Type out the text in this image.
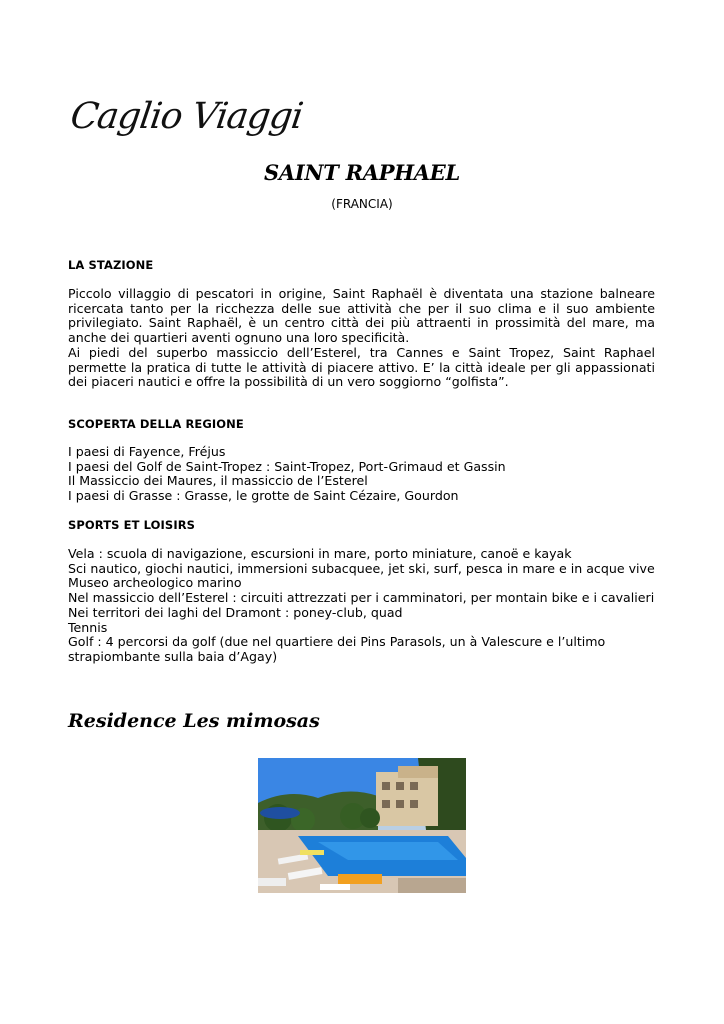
Caglio Viaggi
SAINT RAPHAEL
(FRANCIA)
LA STAZIONE

Piccolo villaggio di pescatori in origine, Saint Raphaël è diventata una stazione balneare ricercata tanto per la ricchezza delle sue attività che per il suo clima e il suo ambiente privilegiato. Saint Raphaël, è un centro città dei più attraenti in prossimità del mare, ma anche dei quartieri aventi ognuno una loro specificità.

Ai piedi del superbo massiccio dell’Esterel, tra Cannes e Saint Tropez, Saint Raphael permette la pratica di tutte le attività di piacere attivo. E’ la città ideale per gli appassionati dei piaceri nautici e offre la possibilità di un vero soggiorno “golfista”.

SCOPERTA DELLA REGIONE
I paesi di Fayence, Fréjus
I paesi del Golf de Saint-Tropez : Saint-Tropez, Port-Grimaud et Gassin
Il Massiccio dei Maures, il massiccio de l’Esterel
I paesi di Grasse : Grasse, le grotte de Saint Cézaire, Gourdon
SPORTS ET LOISIRS
Vela : scuola di navigazione, escursioni in mare, porto miniature, canoë e kayak
Sci nautico, giochi nautici, immersioni subacquee, jet ski, surf, pesca in mare e in acque vive
Museo archeologico marino
Nel massiccio dell’Esterel : circuiti attrezzati per i camminatori, per montain bike e i cavalieri
Nei territori dei laghi del Dramont : poney-club, quad
Tennis
Golf : 4 percorsi da golf (due nel quartiere dei Pins Parasols, un à Valescure e l’ultimo
strapiombante sulla baia d’Agay)
Residence Les mimosas
